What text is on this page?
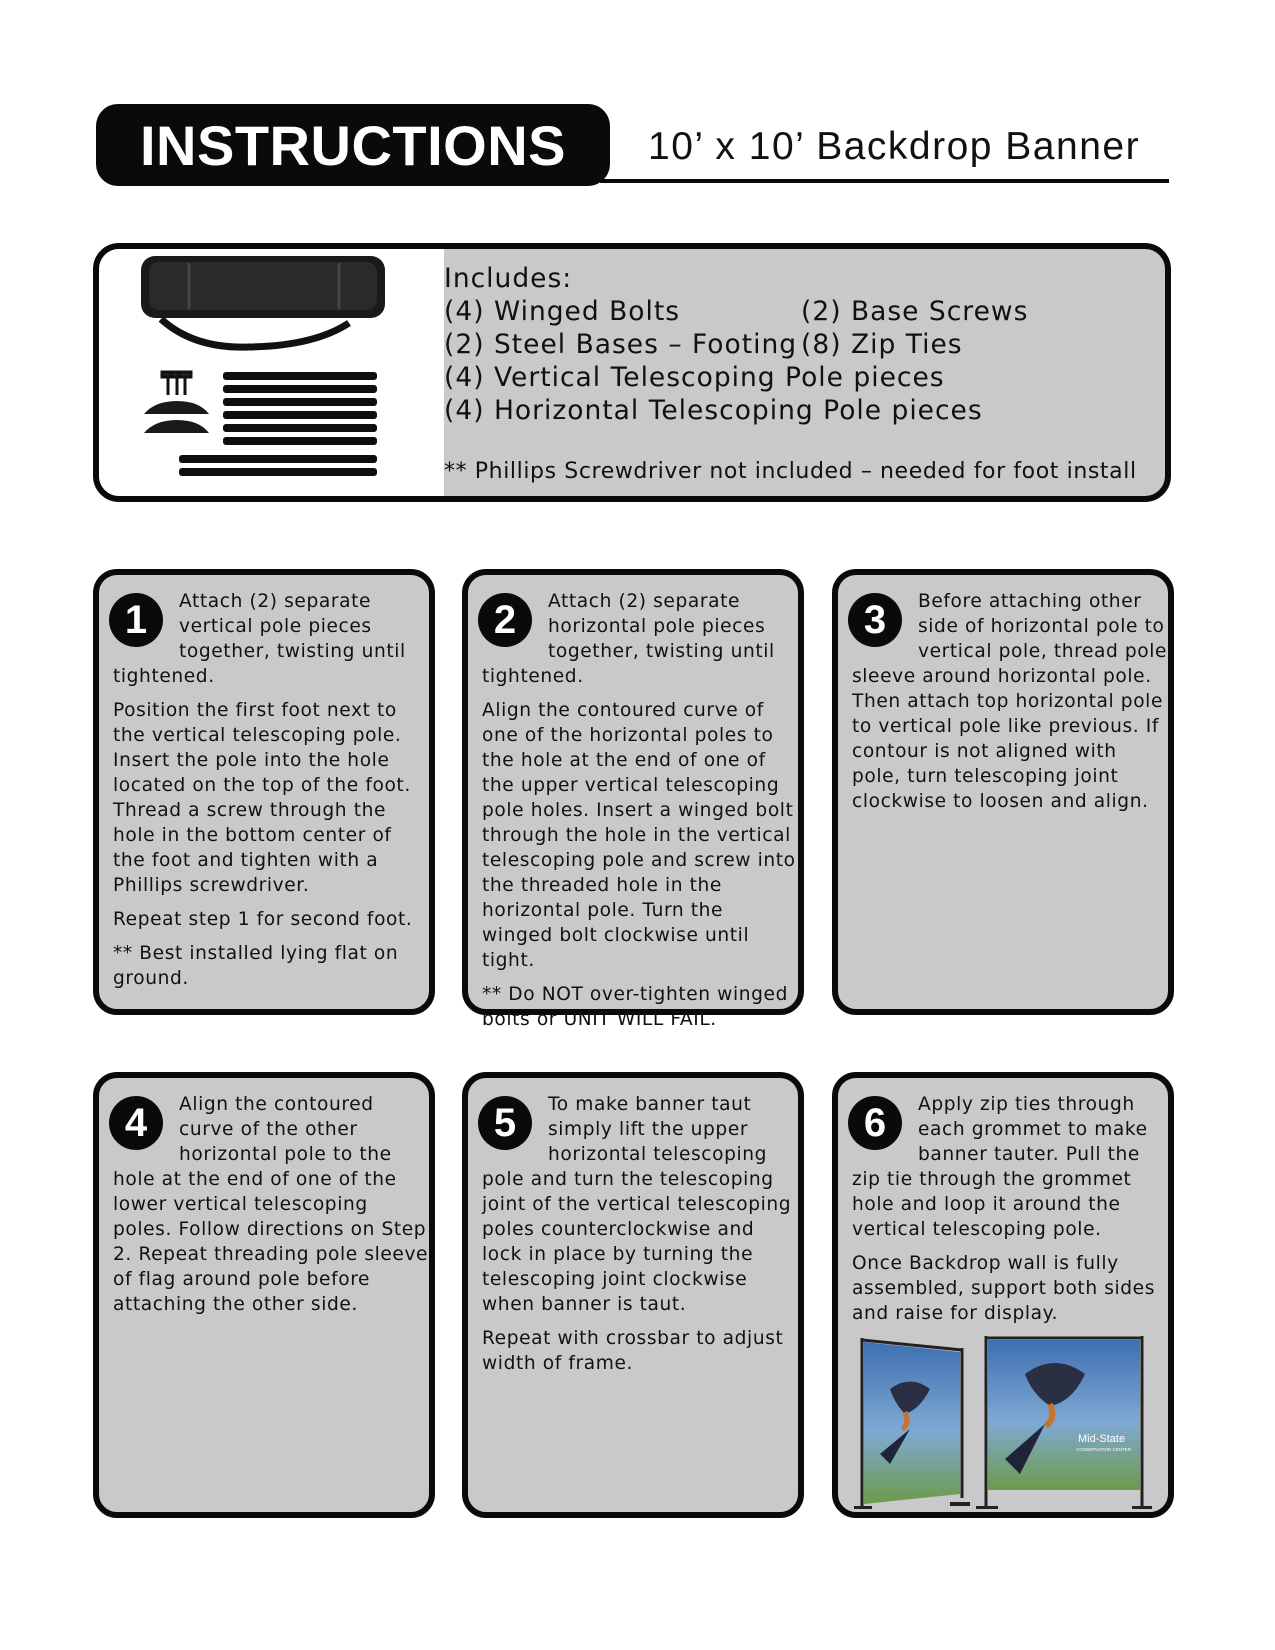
INSTRUCTIONS	10’ x 10’ Backdrop Banner
Includes:
(4) Winged Bolts	(2) Base Screws
(2) Steel Bases – Footing (8) Zip Ties
(4) Vertical Telescoping Pole pieces
(4) Horizontal Telescoping Pole pieces
** Phillips Screwdriver not included – needed for foot install
1	Attach (2) separate vertical pole pieces together, twisting until tightened.

Position the first foot next to the vertical telescoping pole. Insert the pole into the hole located on the top of the foot. Thread a screw through the hole in the bottom center of the foot and tighten with a Phillips screwdriver.

Repeat step 1 for second foot.

** Best installed lying flat on ground.

2	Attach (2) separate horizontal pole pieces together, twisting until tightened.

Align the contoured curve of one of the horizontal poles to the hole at the end of one of the upper vertical telescoping pole holes. Insert a winged bolt through the hole in the vertical telescoping pole and screw into the threaded hole in the horizontal pole. Turn the winged bolt clockwise until tight.

** Do NOT over-tighten winged bolts or UNIT WILL FAIL.

3	Before attaching other side of horizontal pole to vertical pole, thread pole sleeve around horizontal pole. Then attach top horizontal pole to vertical pole like previous. If contour is not aligned with pole, turn telescoping joint clockwise to loosen and align.

4	Align the contoured curve of the other horizontal pole to the hole at the end of one of the lower vertical telescoping poles. Follow directions on Step 2. Repeat threading pole sleeve of flag around pole before attaching the other side.

5	To make banner taut simply lift the upper horizontal telescoping pole and turn the telescoping joint of the vertical telescoping poles counterclockwise and lock in place by turning the telescoping joint clockwise when banner is taut.

Repeat with crossbar to adjust width of frame.

6	Apply zip ties through each grommet to make banner tauter. Pull the zip tie through the grommet hole and loop it around the vertical telescoping pole.

Once Backdrop wall is fully assembled, support both sides and raise for display.

Mid-State
CONSERVATION CENTER
